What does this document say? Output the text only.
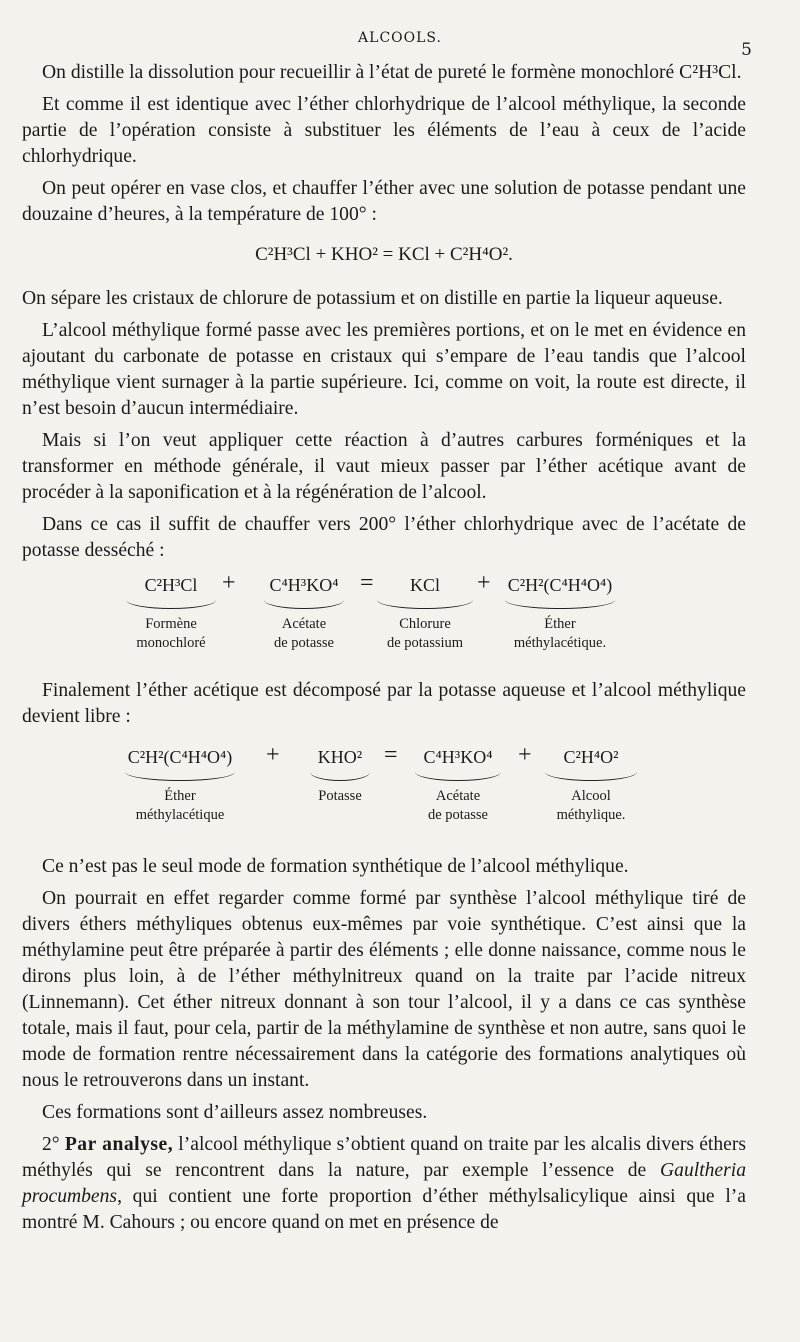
ALCOOLS.
5

On distille la dissolution pour recueillir à l’état de pureté le formène monochloré C²H³Cl.

Et comme il est identique avec l’éther chlorhydrique de l’alcool méthylique, la seconde partie de l’opération consiste à substituer les éléments de l’eau à ceux de l’acide chlorhydrique.

On peut opérer en vase clos, et chauffer l’éther avec une solution de potasse pendant une douzaine d’heures, à la température de 100° :

C²H³Cl + KHO² = KCl + C²H⁴O².

On sépare les cristaux de chlorure de potassium et on distille en partie la liqueur aqueuse.

L’alcool méthylique formé passe avec les premières portions, et on le met en évidence en ajoutant du carbonate de potasse en cristaux qui s’empare de l’eau tandis que l’alcool méthylique vient surnager à la partie supérieure. Ici, comme on voit, la route est directe, il n’est besoin d’aucun intermédiaire.

Mais si l’on veut appliquer cette réaction à d’autres carbures forméniques et la transformer en méthode générale, il vaut mieux passer par l’éther acétique avant de procéder à la saponification et à la régénération de l’alcool.

Dans ce cas il suffit de chauffer vers 200° l’éther chlorhydrique avec de l’acétate de potasse desséché :

C²H³Cl
Formène
monochloré
+	C⁴H³KO⁴
Acétate
de potasse
=	KCl
Chlorure
de potassium
+ C²H²(C⁴H⁴O⁴)
Éther
méthylacétique.

Finalement l’éther acétique est décomposé par la potasse aqueuse et l’alcool méthylique devient libre :

C²H²(C⁴H⁴O⁴)
Éther
méthylacétique
+	KHO²
Potasse
=	C⁴H³KO⁴
Acétate
de potasse
+	C²H⁴O²
Alcool
méthylique.

Ce n’est pas le seul mode de formation synthétique de l’alcool méthylique.

On pourrait en effet regarder comme formé par synthèse l’alcool méthylique tiré de divers éthers méthyliques obtenus eux-mêmes par voie synthétique. C’est ainsi que la méthylamine peut être préparée à partir des éléments ; elle donne naissance, comme nous le dirons plus loin, à de l’éther méthylnitreux quand on la traite par l’acide nitreux (Linnemann). Cet éther nitreux donnant à son tour l’alcool, il y a dans ce cas synthèse totale, mais il faut, pour cela, partir de la méthylamine de synthèse et non autre, sans quoi le mode de formation rentre nécessairement dans la catégorie des formations analytiques où nous le retrouverons dans un instant.

Ces formations sont d’ailleurs assez nombreuses.

2° Par analyse, l’alcool méthylique s’obtient quand on traite par les alcalis divers éthers méthylés qui se rencontrent dans la nature, par exemple l’essence de Gaultheria procumbens, qui contient une forte proportion d’éther méthylsalicylique ainsi que l’a montré M. Cahours ; ou encore quand on met en présence de
